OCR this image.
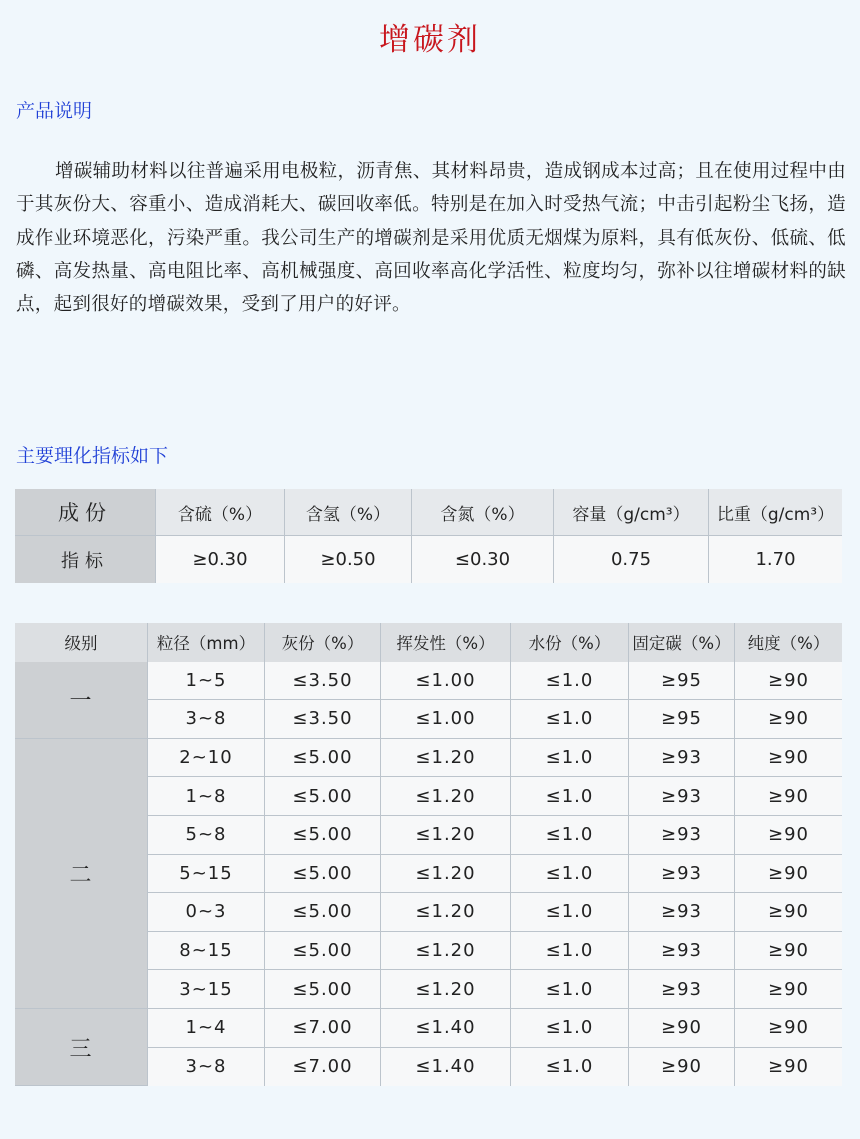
增碳剂
产品说明

增碳辅助材料以往普遍采用电极粒，沥青焦、其材料昂贵，造成钢成本过高；且在使用过程中由于其灰份大、容重小、造成消耗大、碳回收率低。特别是在加入时受热气流；中击引起粉尘飞扬，造成作业环境恶化，污染严重。我公司生产的增碳剂是采用优质无烟煤为原料，具有低灰份、低硫、低磷、高发热量、高电阻比率、高机械强度、高回收率高化学活性、粒度均匀，弥补以往增碳材料的缺点，起到很好的增碳效果，受到了用户的好评。

主要理化指标如下
成份	含硫（%）	含氢（%）	含氮（%）	容量（g/cm³）	比重（g/cm³）
指标	≥0.30	≥0.50	≤0.30	0.75	1.70
级别	粒径（mm）	灰份（%）	挥发性（%）	水份（%）	固定碳（%）	纯度（%）
一	1~5	≤3.50	≤1.00	≤1.0	≥95	≥90
	3~8	≤3.50	≤1.00	≤1.0	≥95	≥90
二	2~10	≤5.00	≤1.20	≤1.0	≥93	≥90
	1~8	≤5.00	≤1.20	≤1.0	≥93	≥90
	5~8	≤5.00	≤1.20	≤1.0	≥93	≥90
	5~15	≤5.00	≤1.20	≤1.0	≥93	≥90
	0~3	≤5.00	≤1.20	≤1.0	≥93	≥90
	8~15	≤5.00	≤1.20	≤1.0	≥93	≥90
	3~15	≤5.00	≤1.20	≤1.0	≥93	≥90
三	1~4	≤7.00	≤1.40	≤1.0	≥90	≥90
	3~8	≤7.00	≤1.40	≤1.0	≥90	≥90
